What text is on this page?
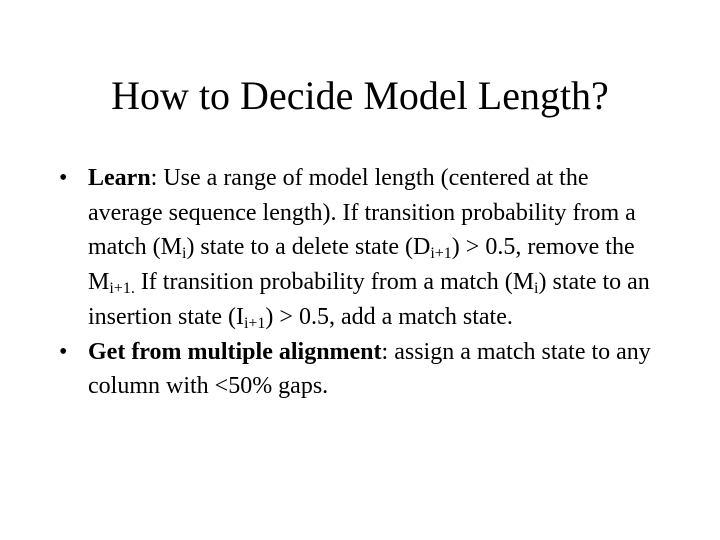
How to Decide Model Length?
• Learn: Use a range of model length (centered at the average sequence length). If transition probability from a match $(M_i)$ state to a delete state $(D_{i+1}) > 0.5$, remove the $M_{i+1.}$ If transition probability from a match $(M_i)$ state to an insertion state $(I_{i+1}) > 0.5$, add a match state.
• Get from multiple alignment: assign a match state to any column with <50% gaps.
